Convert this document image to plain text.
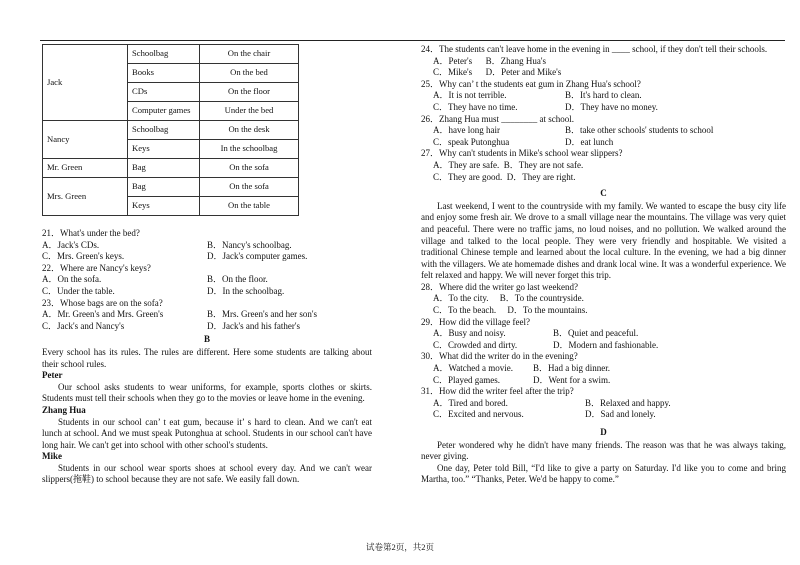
Jack	Schoolbag	On the chair
	Books	On the bed
	CDs	On the floor
	Computer games	Under the bed
Nancy	Schoolbag	On the desk
	Keys	In the schoolbag
Mr. Green	Bag	On the sofa
Mrs. Green	Bag	On the sofa
	Keys	On the table

21．What's under the bed?

A．Jack's CDs.	B．Nancy's schoolbag.
C．Mrs. Green's keys.	D．Jack's computer games.

22．Where are Nancy's keys?

A．On the sofa.	B．On the floor.
C．Under the table.	D．In the schoolbag.

23．Whose bags are on the sofa?

A．Mr. Green's and Mrs. Green's	B．Mrs. Green's and her son's
C．Jack's and Nancy's	D．Jack's and his father's
B

Every school has its rules. The rules are different. Here some students are talking about their school rules.

Peter

Our school asks students to wear uniforms, for example, sports clothes or skirts. Students must tell their schools when they go to the movies or leave home in the evening.

Zhang Hua

Students in our school can’ t eat gum, because it’ s hard to clean. And we can't eat lunch at school. And we must speak Putonghua at school. Students in our school can't have long hair. We can't get into school with other school's students.

Mike

Students in our school wear sports shoes at school every day. And we can't wear slippers(拖鞋) to school because they are not safe. We easily fall down.

24．The students can't leave home in the evening in ____ school, if they don't tell their schools.

A．Peter's B．Zhang Hua's
C．Mike's D．Peter and Mike's

25．Why can’ t the students eat gum in Zhang Hua's school?

A．It is not terrible.	B．It's hard to clean.
C．They have no time.	D．They have no money.

26．Zhang Hua must ________ at school.

A．have long hair	B．take other schools' students to school
C．speak Putonghua	D．eat lunch

27．Why can't students in Mike's school wear slippers?

A．They are safe. B．They are not safe.
C．They are good. D．They are right.
C

Last weekend, I went to the countryside with my family. We wanted to escape the busy city life and enjoy some fresh air. We drove to a small village near the mountains. The village was very quiet and peaceful. There were no traffic jams, no loud noises, and no pollution. We walked around the village and talked to the local people. They were very friendly and hospitable. We visited a traditional Chinese temple and learned about the local culture. In the evening, we had a big dinner with the villagers. We ate homemade dishes and drank local wine. It was a wonderful experience. We felt relaxed and happy. We will never forget this trip.

28．Where did the writer go last weekend?

A．To the city. B．To the countryside.
C．To the beach. D．To the mountains.

29．How did the village feel?

A．Busy and noisy.	B．Quiet and peaceful.
C．Crowded and dirty.	D．Modern and fashionable.

30．What did the writer do in the evening?

A．Watched a movie.	B．Had a big dinner.
C．Played games.	D．Went for a swim.

31．How did the writer feel after the trip?

A．Tired and bored.	B．Relaxed and happy.
C．Excited and nervous.	D．Sad and lonely.
D

Peter wondered why he didn't have many friends. The reason was that he was always taking, never giving.

One day, Peter told Bill, “I'd like to give a party on Saturday. I'd like you to come and bring Martha, too.” “Thanks, Peter. We'd be happy to come.”

试卷第2页，共2页
